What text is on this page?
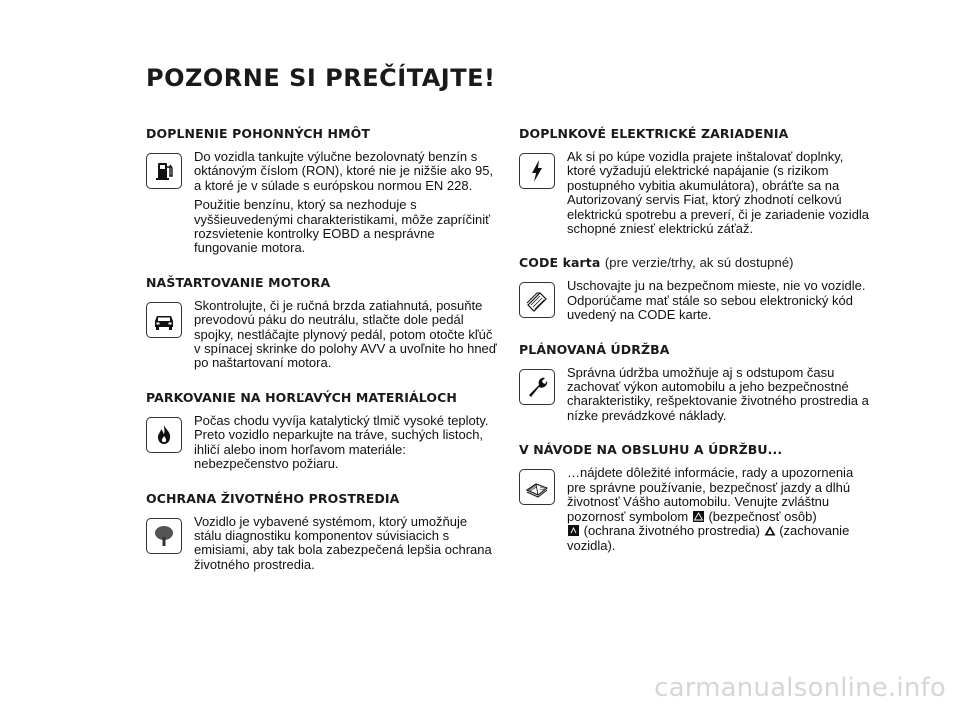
POZORNE SI PREČÍTAJTE!
DOPLNENIE POHONNÝCH HMÔT

Do vozidla tankujte výlučne bezolovnatý benzín s oktánovým číslom (RON), ktoré nie je nižšie ako 95, a ktoré je v súlade s európskou normou EN 228.

Použitie benzínu, ktorý sa nezhoduje s vyššieuvedenými charakteristikami, môže zapríčiniť rozsvietenie kontrolky EOBD a nesprávne fungovanie motora.

NAŠTARTOVANIE MOTORA

Skontrolujte, či je ručná brzda zatiahnutá, posuňte prevodovú páku do neutrálu, stlačte dole pedál spojky, nestláčajte plynový pedál, potom otočte kľúč v spínacej skrinke do polohy AVV a uvoľnite ho hneď po naštartovaní motora.

PARKOVANIE NA HORĽAVÝCH MATERIÁLOCH

Počas chodu vyvíja katalytický tlmič vysoké teploty. Preto vozidlo neparkujte na tráve, suchých listoch, ihličí alebo inom horľavom materiále: nebezpečenstvo požiaru.

OCHRANA ŽIVOTNÉHO PROSTREDIA

Vozidlo je vybavené systémom, ktorý umožňuje stálu diagnostiku komponentov súvisiacich s emisiami, aby tak bola zabezpečená lepšia ochrana životného prostredia.

DOPLNKOVÉ ELEKTRICKÉ ZARIADENIA

Ak si po kúpe vozidla prajete inštalovať doplnky, ktoré vyžadujú elektrické napájanie (s rizikom postupného vybitia akumulátora), obráťte sa na Autorizovaný servis Fiat, ktorý zhodnotí celkovú elektrickú spotrebu a preverí, či je zariadenie vozidla schopné zniesť elektrickú záťaž.

CODE karta (pre verzie/trhy, ak sú dostupné)

Uschovajte ju na bezpečnom mieste, nie vo vozidle. Odporúčame mať stále so sebou elektronický kód uvedený na CODE karte.

PLÁNOVANÁ ÚDRŽBA

Správna údržba umožňuje aj s odstupom času zachovať výkon automobilu a jeho bezpečnostné charakteristiky, rešpektovanie životného prostredia a nízke prevádzkové náklady.

V NÁVODE NA OBSLUHU A ÚDRŽBU...

…nájdete dôležité informácie, rady a upozornenia pre správne používanie, bezpečnosť jazdy a dlhú životnosť Vášho automobilu. Venujte zvláštnu pozornosť symbolom (bezpečnosť osôb)
(ochrana životného prostredia) (zachovanie vozidla).

carmanualsonline.info
